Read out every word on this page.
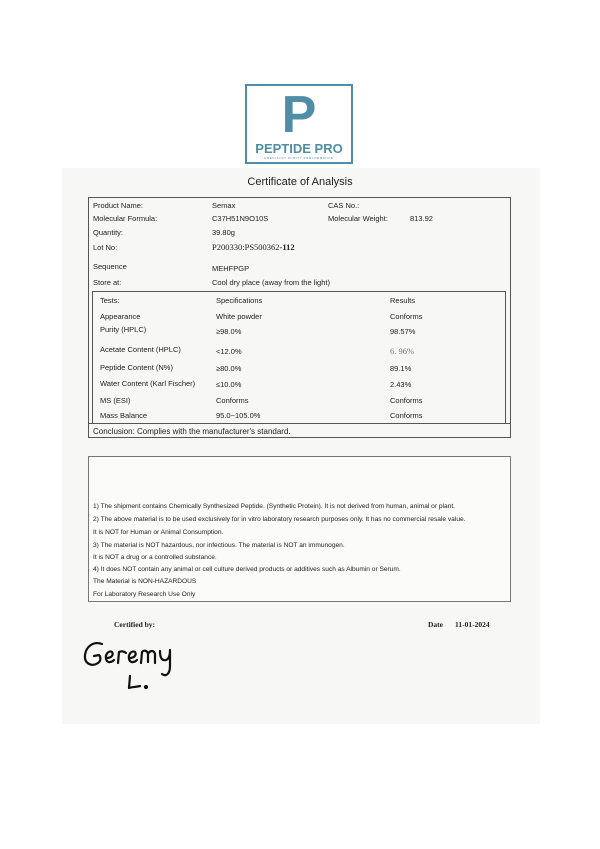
P
PEPTIDE PRO
PRECISION PURITY PERFORMANCE
Certificate of Analysis
Product Name:	Semax	CAS No.:
Molecular Formula:	C37H51N9O10S	Molecular Weight:	813.92
Quantity:	39.80g
Lot No:	P200330:PS500362-112
Sequence	MEHFPGP
Store at:	Cool dry place (away from the light)
Tests:	Specifications	Results
Appearance	White powder	Conforms
Purity (HPLC)	≥98.0%	98.57%
Acetate Content (HPLC)	<12.0%	6. 96%
Peptide Content (N%)	≥80.0%	89.1%
Water Content (Karl Fischer)	≤10.0%	2.43%
MS (ESI)	Conforms	Conforms
Mass Balance	95.0~105.0%	Conforms
Conclusion: Complies with the manufacturer's standard.
1) The shipment contains Chemically Synthesized Peptide. (Synthetic Protein). It is not derived from human, animal or plant.
2) The above material is to be used exclusively for in vitro laboratory research purposes only. It has no commercial resale value.
It is NOT for Human or Animal Consumption.
3) The material is NOT hazardous, nor infectious. The material is NOT an immunogen.
It is NOT a drug or a controlled substance.
4) It does NOT contain any animal or cell culture derived products or additives such as Albumin or Serum.
The Material is NON-HAZARDOUS
For Laboratory Research Use Only
Certified by:	Date 11-01-2024
